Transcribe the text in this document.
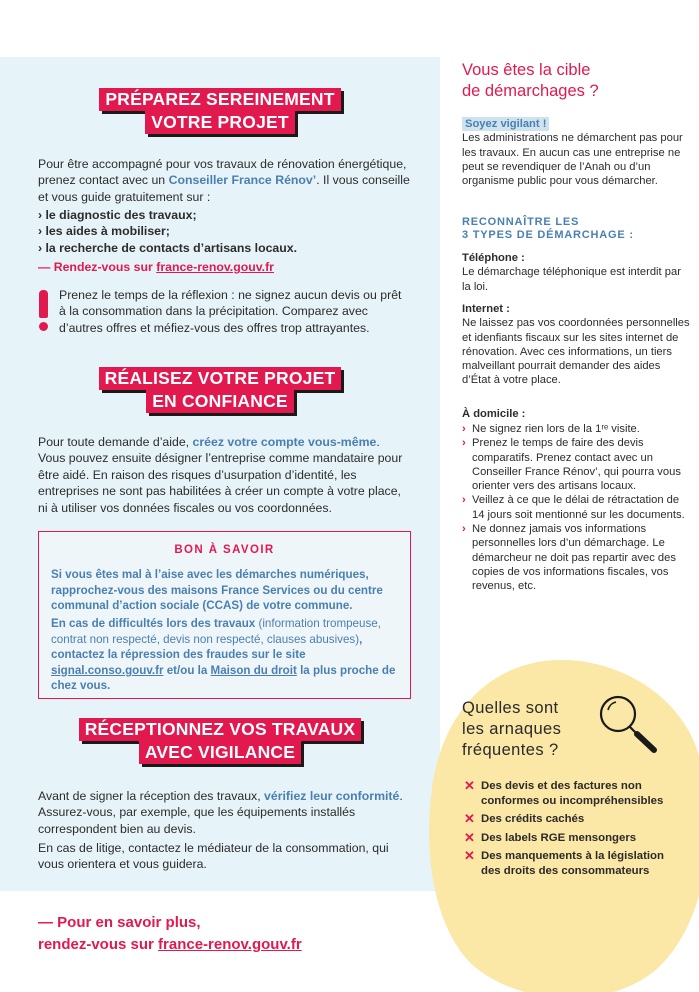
PRÉPAREZ SEREINEMENT
VOTRE PROJET
Pour être accompagné pour vos travaux de rénovation énergétique, prenez contact avec un Conseiller France Rénov’. Il vous conseille et vous guide gratuitement sur :
› le diagnostic des travaux;
› les aides à mobiliser;
› la recherche de contacts d’artisans locaux.
— Rendez-vous sur france-renov.gouv.fr
Prenez le temps de la réflexion : ne signez aucun devis ou prêt à la consommation dans la précipitation. Comparez avec d’autres offres et méfiez-vous des offres trop attrayantes.
RÉALISEZ VOTRE PROJET
EN CONFIANCE
Pour toute demande d’aide, créez votre compte vous-même. Vous pouvez ensuite désigner l’entreprise comme mandataire pour être aidé. En raison des risques d’usurpation d’identité, les entreprises ne sont pas habilitées à créer un compte à votre place, ni à utiliser vos données fiscales ou vos coordonnées.
BON À SAVOIR
Si vous êtes mal à l’aise avec les démarches numériques, rapprochez-vous des maisons France Services ou du centre communal d’action sociale (CCAS) de votre commune.
En cas de difficultés lors des travaux (information trompeuse, contrat non respecté, devis non respecté, clauses abusives), contactez la répression des fraudes sur le site signal.conso.gouv.fr et/ou la Maison du droit la plus proche de chez vous.
RÉCEPTIONNEZ VOS TRAVAUX
AVEC VIGILANCE
Avant de signer la réception des travaux, vérifiez leur conformité. Assurez-vous, par exemple, que les équipements installés correspondent bien au devis.
En cas de litige, contactez le médiateur de la consommation, qui vous orientera et vous guidera.
— Pour en savoir plus,
rendez-vous sur france-renov.gouv.fr
Vous êtes la cible
de démarchages ?
Soyez vigilant !
Les administrations ne démarchent pas pour les travaux. En aucun cas une entreprise ne peut se revendiquer de l’Anah ou d’un organisme public pour vous démarcher.
RECONNAÎTRE LES
3 TYPES DE DÉMARCHAGE :
Téléphone :
Le démarchage téléphonique est interdit par la loi.
Internet :
Ne laissez pas vos coordonnées personnelles et idenfiants fiscaux sur les sites internet de rénovation. Avec ces informations, un tiers malveillant pourrait demander des aides d’État à votre place.
À domicile :
› Ne signez rien lors de la 1ʳᵉ visite.
› Prenez le temps de faire des devis comparatifs. Prenez contact avec un Conseiller France Rénov’, qui pourra vous orienter vers des artisans locaux.
› Veillez à ce que le délai de rétractation de 14 jours soit mentionné sur les documents.
› Ne donnez jamais vos informations personnelles lors d’un démarchage. Le démarcheur ne doit pas repartir avec des copies de vos informations fiscales, vos revenus, etc.
Quelles sont
les arnaques
fréquentes ?
✕ Des devis et des factures non conformes ou incompréhensibles
✕ Des crédits cachés
✕ Des labels RGE mensongers
✕ Des manquements à la législation des droits des consommateurs
